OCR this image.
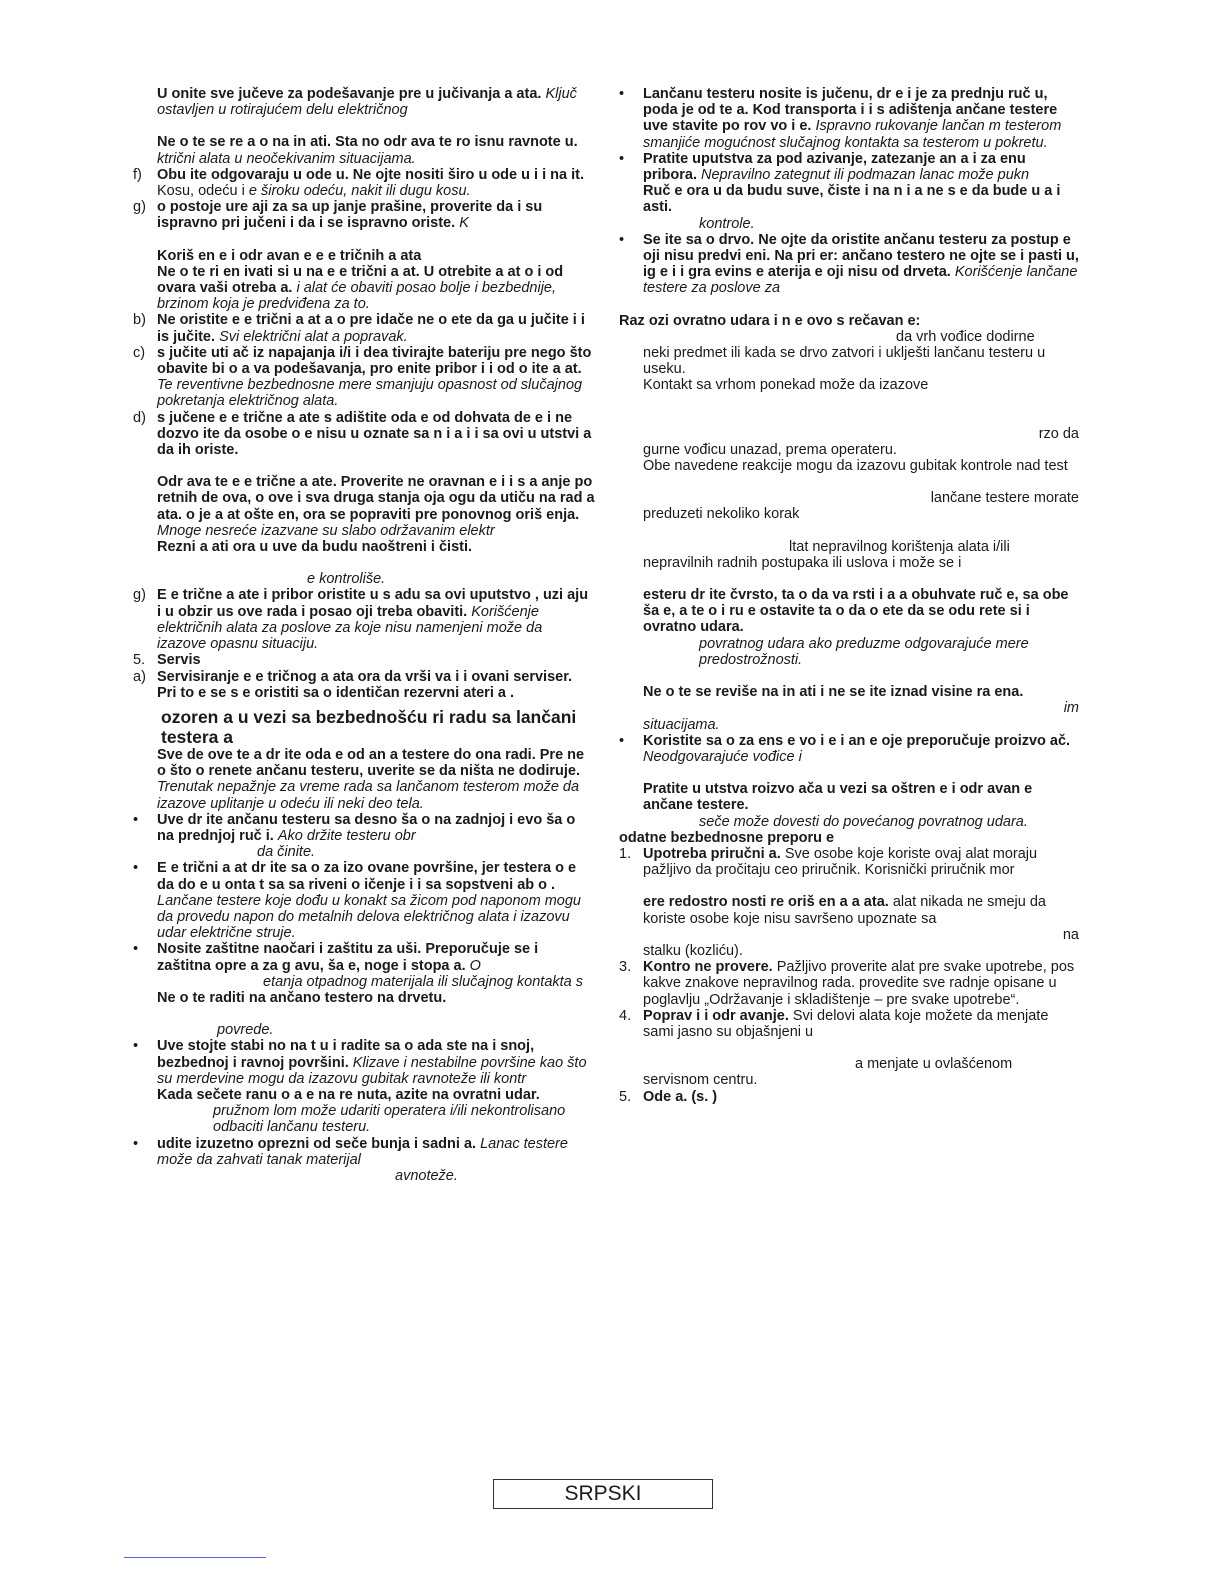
U onite sve jučeve za podešavanje pre u jučivanja a ata. Ključ ostavljen u rotirajućem delu električnog
Ne o te se re a o na in ati. Sta no odr ava te ro isnu ravnote u. ktrični alata u neočekivanim situacijama.
f)	Obu ite odgovaraju u ode u. Ne ojte nositi širo u ode u i i na it. Kosu, odeću i e široku odeću, nakit ili dugu kosu.
g) o postoje ure aji za sa up janje prašine, proverite da i su ispravno pri jučeni i da i se ispravno oriste. K
Koriš en e i odr avan e e e tričnih a ata
Ne o te ri en ivati si u na e e trični a at. U otrebite a at o i od ovara vaši otreba a. i alat će obaviti posao bolje i bezbednije, brzinom koja je predviđena za to.
b) Ne oristite e e trični a at a o pre idače ne o ete da ga u jučite i i is jučite. Svi električni alat a popravak.
c) s jučite uti ač iz napajanja i/i i dea tivirajte bateriju pre nego što obavite bi o a va podešavanja, pro enite pribor i i od o ite a at. Te reventivne bezbednosne mere smanjuju opasnost od slučajnog pokretanja električnog alata.
d) s jučene e e trične a ate s adištite oda e od dohvata de e i ne dozvo ite da osobe o e nisu u oznate sa n i a i i sa ovi u utstvi a da ih oriste.
Odr ava te e e trične a ate. Proverite ne oravnan e i i s a anje po retnih de ova, o ove i sva druga stanja oja ogu da utiču na rad a ata. o je a at ošte en, ora se popraviti pre ponovnog oriš enja. Mnoge nesreće izazvane su slabo održavanim elektr
Rezni a ati ora u uve da budu naoštreni i čisti.
e kontroliše.
g) E e trične a ate i pribor oristite u s adu sa ovi uputstvo , uzi aju i u obzir us ove rada i posao oji treba obaviti. Korišćenje električnih alata za poslove za koje nisu namenjeni može da izazove opasnu situaciju.
5. Servis
a) Servisiranje e e tričnog a ata ora da vrši va i i ovani serviser. Pri to e se s e oristiti sa o identičan rezervni ateri a .
ozoren a u vezi sa bezbednošću ri radu sa lančani testera a
Sve de ove te a dr ite oda e od an a testere do ona radi. Pre ne o što o renete ančanu testeru, uverite se da ništa ne dodiruje. Trenutak nepažnje za vreme rada sa lančanom testerom može da izazove uplitanje u odeću ili neki deo tela.
•	Uve dr ite ančanu testeru sa desno ša o na zadnjoj i evo ša o na prednjoj ruč i. Ako držite testeru obr
da činite.
•	E e trični a at dr ite sa o za izo ovane površine, jer testera o e da do e u onta t sa sa riveni o ičenje i i sa sopstveni ab o . Lančane testere koje dođu u konakt sa žicom pod naponom mogu da provedu napon do metalnih delova električnog alata i izazovu udar električne struje.
•	Nosite zaštitne naočari i zaštitu za uši. Preporučuje se i zaštitna opre a za g avu, ša e, noge i stopa a. O
etanja otpadnog materijala ili slučajnog kontakta s
Ne o te raditi na ančano testero na drvetu.
povrede.
•	Uve stojte stabi no na t u i radite sa o ada ste na i snoj, bezbednoj i ravnoj površini. Klizave i nestabilne površine kao što su merdevine mogu da izazovu gubitak ravnoteže ili kontr
Kada sečete ranu o a e na re nuta, azite na ovratni udar.
pružnom lom može udariti operatera i/ili nekontrolisano odbaciti lančanu testeru.
•	udite izuzetno oprezni od seče bunja i sadni a. Lanac testere može da zahvati tanak materijal
avnoteže.
•	Lančanu testeru nosite is jučenu, dr e i je za prednju ruč u, poda je od te a. Kod transporta i i s adištenja ančane testere uve stavite po rov vo i e. Ispravno rukovanje lančan m testerom smanjiće mogućnost slučajnog kontakta sa testerom u pokretu.
•	Pratite uputstva za pod azivanje, zatezanje an a i za enu pribora. Nepravilno zategnut ili podmazan lanac može pukn
Ruč e ora u da budu suve, čiste i na n i a ne s e da bude u a i asti.
kontrole.
•	Se ite sa o drvo. Ne ojte da oristite ančanu testeru za postup e oji nisu predvi eni. Na pri er: ančano testero ne ojte se i pasti u, ig e i i gra evins e aterija e oji nisu od drveta. Korišćenje lančane testere za poslove za
Raz ozi ovratno udara i n e ovo s rečavan e:
da vrh vođice dodirne
neki predmet ili kada se drvo zatvori i uklješti lančanu testeru u useku.
Kontakt sa vrhom ponekad može da izazove
rzo da
gurne vođicu unazad, prema operateru.
Obe navedene reakcije mogu da izazovu gubitak kontrole nad test
lančane testere morate
preduzeti nekoliko korak
ltat nepravilnog korištenja alata i/ili
nepravilnih radnih postupaka ili uslova i može se i
esteru dr ite čvrsto, ta o da va rsti i a a obuhvate ruč e, sa obe ša e, a te o i ru e ostavite ta o da o ete da se odu rete si i ovratno udara.
povratnog udara ako preduzme odgovarajuće mere predostrožnosti.
Ne o te se revіše na in ati i ne se ite iznad visine ra ena.
im
situacijama.
•	Koristite sa o za ens e vo i e i an e oje preporučuje proizvo ač. Neodgovarajuće vođice i
Pratite u utstva roizvo ača u vezi sa oštren e i odr avan e ančane testere.
seče može dovesti do povećanog povratnog udara.
odatne bezbednosne preporu e
1. Upotreba priručni a. Sve osobe koje koriste ovaj alat moraju pažljivo da pročitaju ceo priručnik. Korisnički priručnik mor
ere redostro nosti re oriš en a a ata. alat nikada ne smeju da koriste osobe koje nisu savršeno upoznate sa
na
stalku (kozliću).
3. Kontro ne provere. Pažljivo proverite alat pre svake upotrebe, pos
kakve znakove nepravilnog rada. provedite sve radnje opisane u poglavlju „Održavanje i skladištenje – pre svake upotrebe“.
4. Poprav i i odr avanje. Svi delovi alata koje možete da menjate sami jasno su objašnjeni u
a menjate u ovlašćenom
servisnom centru.
5. Ode a. (s. )
SRPSKI
